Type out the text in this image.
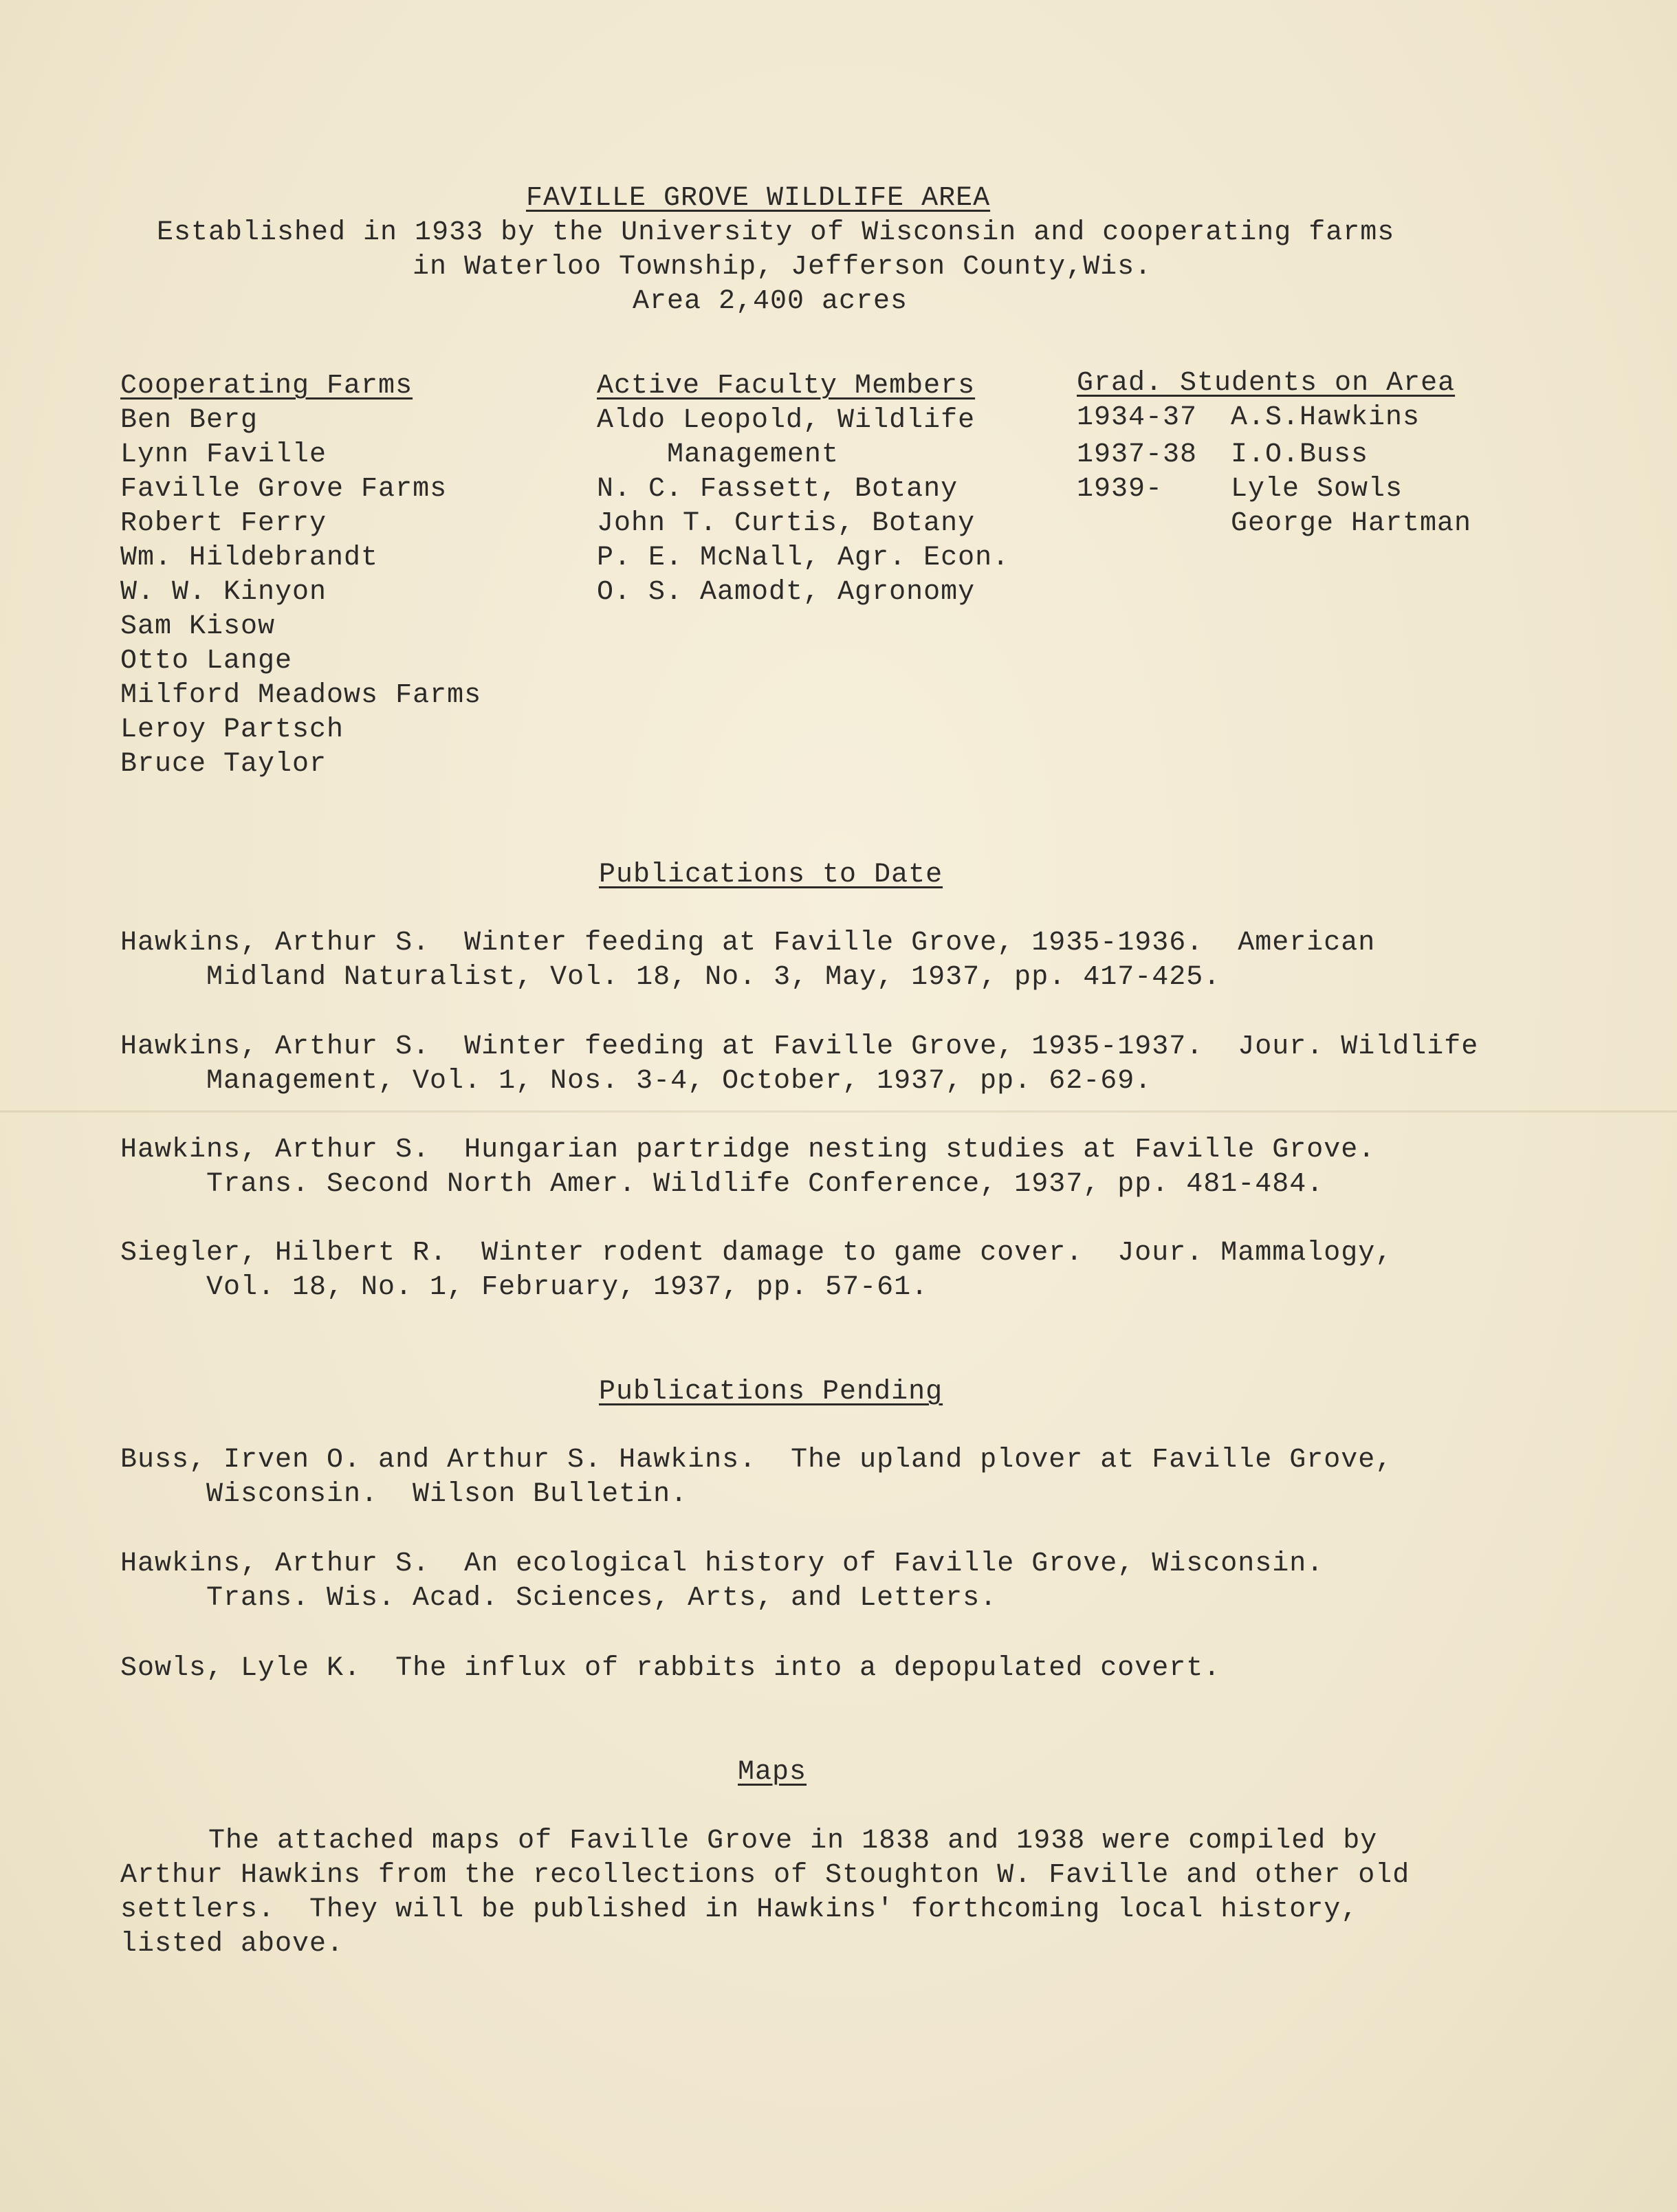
FAVILLE GROVE WILDLIFE AREA
Established in 1933 by the University of Wisconsin and cooperating farms
in Waterloo Township, Jefferson County,Wis.
Area 2,400 acres
Cooperating Farms
Ben Berg
Lynn Faville
Faville Grove Farms
Robert Ferry
Wm. Hildebrandt
W. W. Kinyon
Sam Kisow
Otto Lange
Milford Meadows Farms
Leroy Partsch
Bruce Taylor
Active Faculty Members
Aldo Leopold, Wildlife
Management
N. C. Fassett, Botany
John T. Curtis, Botany
P. E. McNall, Agr. Econ.
O. S. Aamodt, Agronomy
Grad. Students on Area
1934-37 A.S.Hawkins
1937-38 I.O.Buss
1939- Lyle Sowls
George Hartman
Publications to Date
Hawkins, Arthur S.  Winter feeding at Faville Grove, 1935-1936.  American
Midland Naturalist, Vol. 18, No. 3, May, 1937, pp. 417-425.
Hawkins, Arthur S.  Winter feeding at Faville Grove, 1935-1937.  Jour. Wildlife
Management, Vol. 1, Nos. 3-4, October, 1937, pp. 62-69.
Hawkins, Arthur S.  Hungarian partridge nesting studies at Faville Grove.
Trans. Second North Amer. Wildlife Conference, 1937, pp. 481-484.
Siegler, Hilbert R.  Winter rodent damage to game cover.  Jour. Mammalogy,
Vol. 18, No. 1, February, 1937, pp. 57-61.
Publications Pending
Buss, Irven O. and Arthur S. Hawkins.  The upland plover at Faville Grove,
Wisconsin.  Wilson Bulletin.
Hawkins, Arthur S.  An ecological history of Faville Grove, Wisconsin.
Trans. Wis. Acad. Sciences, Arts, and Letters.
Sowls, Lyle K.  The influx of rabbits into a depopulated covert.
Maps
The attached maps of Faville Grove in 1838 and 1938 were compiled by
Arthur Hawkins from the recollections of Stoughton W. Faville and other old
settlers.  They will be published in Hawkins' forthcoming local history,
listed above.
